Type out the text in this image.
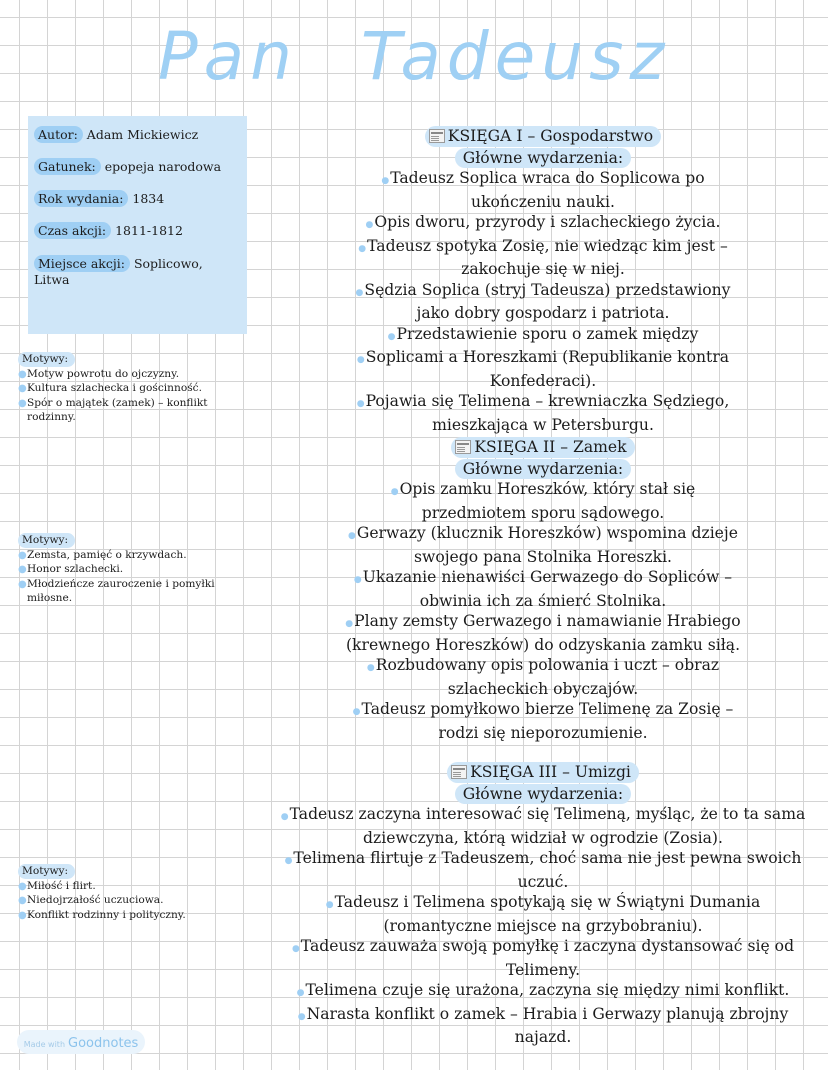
Pan Tadeusz
Autor: Adam Mickiewicz
Gatunek: epopeja narodowa
Rok wydania: 1834
Czas akcji: 1811-1812
Miejsce akcji: Soplicowo, Litwa
Motywy:
● Motyw powrotu do ojczyzny.
● Kultura szlachecka i gościnność.
● Spór o majątek (zamek) – konflikt rodzinny.
Motywy:
● Zemsta, pamięć o krzywdach.
● Honor szlachecki.
● Młodzieńcze zauroczenie i pomyłki miłosne.
Motywy:
● Miłość i flirt.
● Niedojrzałość uczuciowa.
● Konflikt rodzinny i polityczny.
KSIĘGA I – Gospodarstwo
Główne wydarzenia:
●Tadeusz Soplica wraca do Soplicowa po
ukończeniu nauki.
●Opis dworu, przyrody i szlacheckiego życia.
●Tadeusz spotyka Zosię, nie wiedząc kim jest –
zakochuje się w niej.
●Sędzia Soplica (stryj Tadeusza) przedstawiony
jako dobry gospodarz i patriota.
●Przedstawienie sporu o zamek między
●Soplicami a Horeszkami (Republikanie kontra
Konfederaci).
●Pojawia się Telimena – krewniaczka Sędziego,
mieszkająca w Petersburgu.
KSIĘGA II – Zamek
Główne wydarzenia:
●Opis zamku Horeszków, który stał się
przedmiotem sporu sądowego.
●Gerwazy (klucznik Horeszków) wspomina dzieje
swojego pana Stolnika Horeszki.
●Ukazanie nienawiści Gerwazego do Sopliców –
obwinia ich za śmierć Stolnika.
●Plany zemsty Gerwazego i namawianie Hrabiego
(krewnego Horeszków) do odzyskania zamku siłą.
●Rozbudowany opis polowania i uczt – obraz
szlacheckich obyczajów.
●Tadeusz pomyłkowo bierze Telimenę za Zosię –
rodzi się nieporozumienie.
KSIĘGA III – Umizgi
Główne wydarzenia:
●Tadeusz zaczyna interesować się Telimeną, myśląc, że to ta sama
dziewczyna, którą widział w ogrodzie (Zosia).
●Telimena flirtuje z Tadeuszem, choć sama nie jest pewna swoich
uczuć.
●Tadeusz i Telimena spotykają się w Świątyni Dumania
(romantyczne miejsce na grzybobraniu).
●Tadeusz zauważa swoją pomyłkę i zaczyna dystansować się od
Telimeny.
●Telimena czuje się urażona, zaczyna się między nimi konflikt.
●Narasta konflikt o zamek – Hrabia i Gerwazy planują zbrojny
najazd.
Made with Goodnotes
